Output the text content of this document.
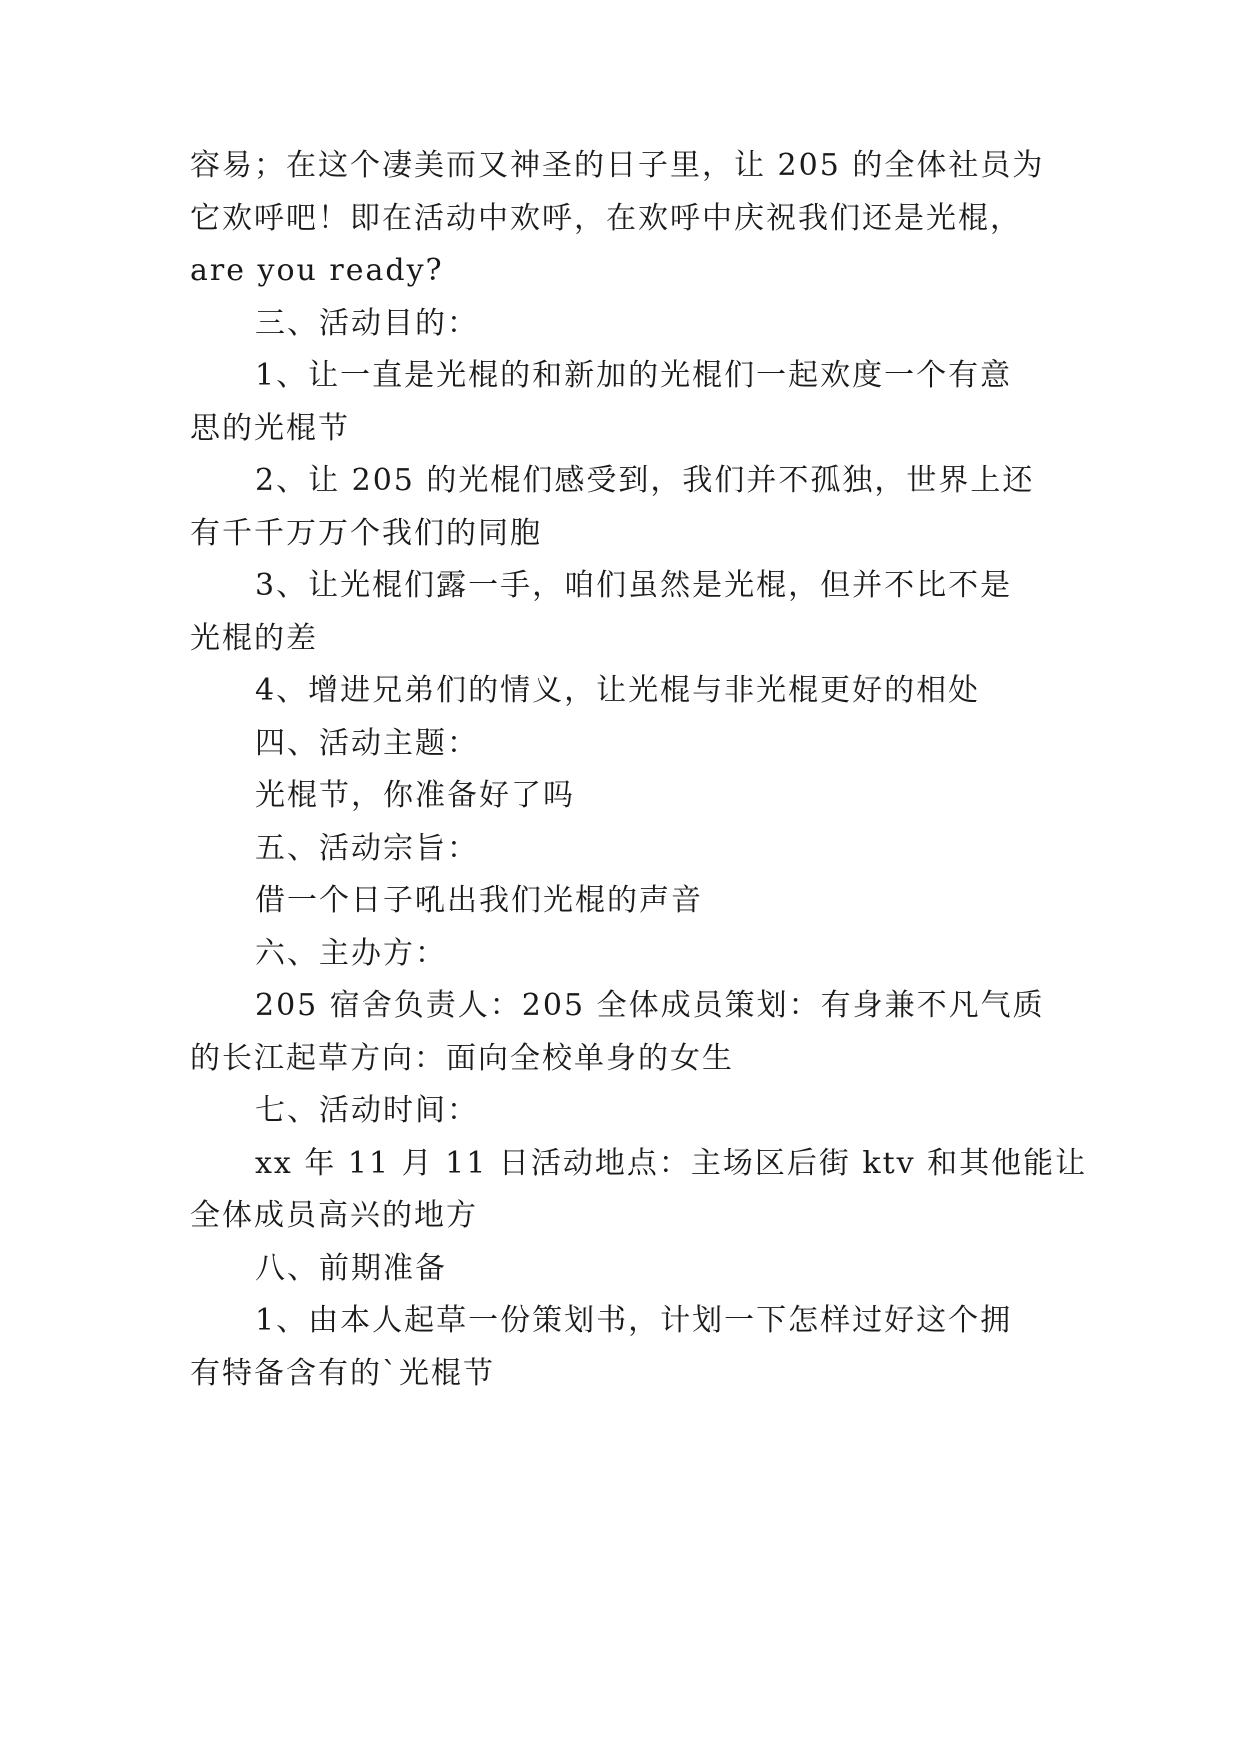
容易；在这个凄美而又神圣的日子里，让 205 的全体社员为
它欢呼吧！即在活动中欢呼，在欢呼中庆祝我们还是光棍，
are you ready?
三、活动目的：
1、让一直是光棍的和新加的光棍们一起欢度一个有意
思的光棍节
2、让 205 的光棍们感受到，我们并不孤独，世界上还
有千千万万个我们的同胞
3、让光棍们露一手，咱们虽然是光棍，但并不比不是
光棍的差
4、增进兄弟们的情义，让光棍与非光棍更好的相处
四、活动主题：
光棍节，你准备好了吗
五、活动宗旨：
借一个日子吼出我们光棍的声音
六、主办方：
205 宿舍负责人：205 全体成员策划：有身兼不凡气质
的长江起草方向：面向全校单身的女生
七、活动时间：
xx 年 11 月 11 日活动地点：主场区后街 ktv 和其他能让
全体成员高兴的地方
八、前期准备
1、由本人起草一份策划书，计划一下怎样过好这个拥
有特备含有的`光棍节
